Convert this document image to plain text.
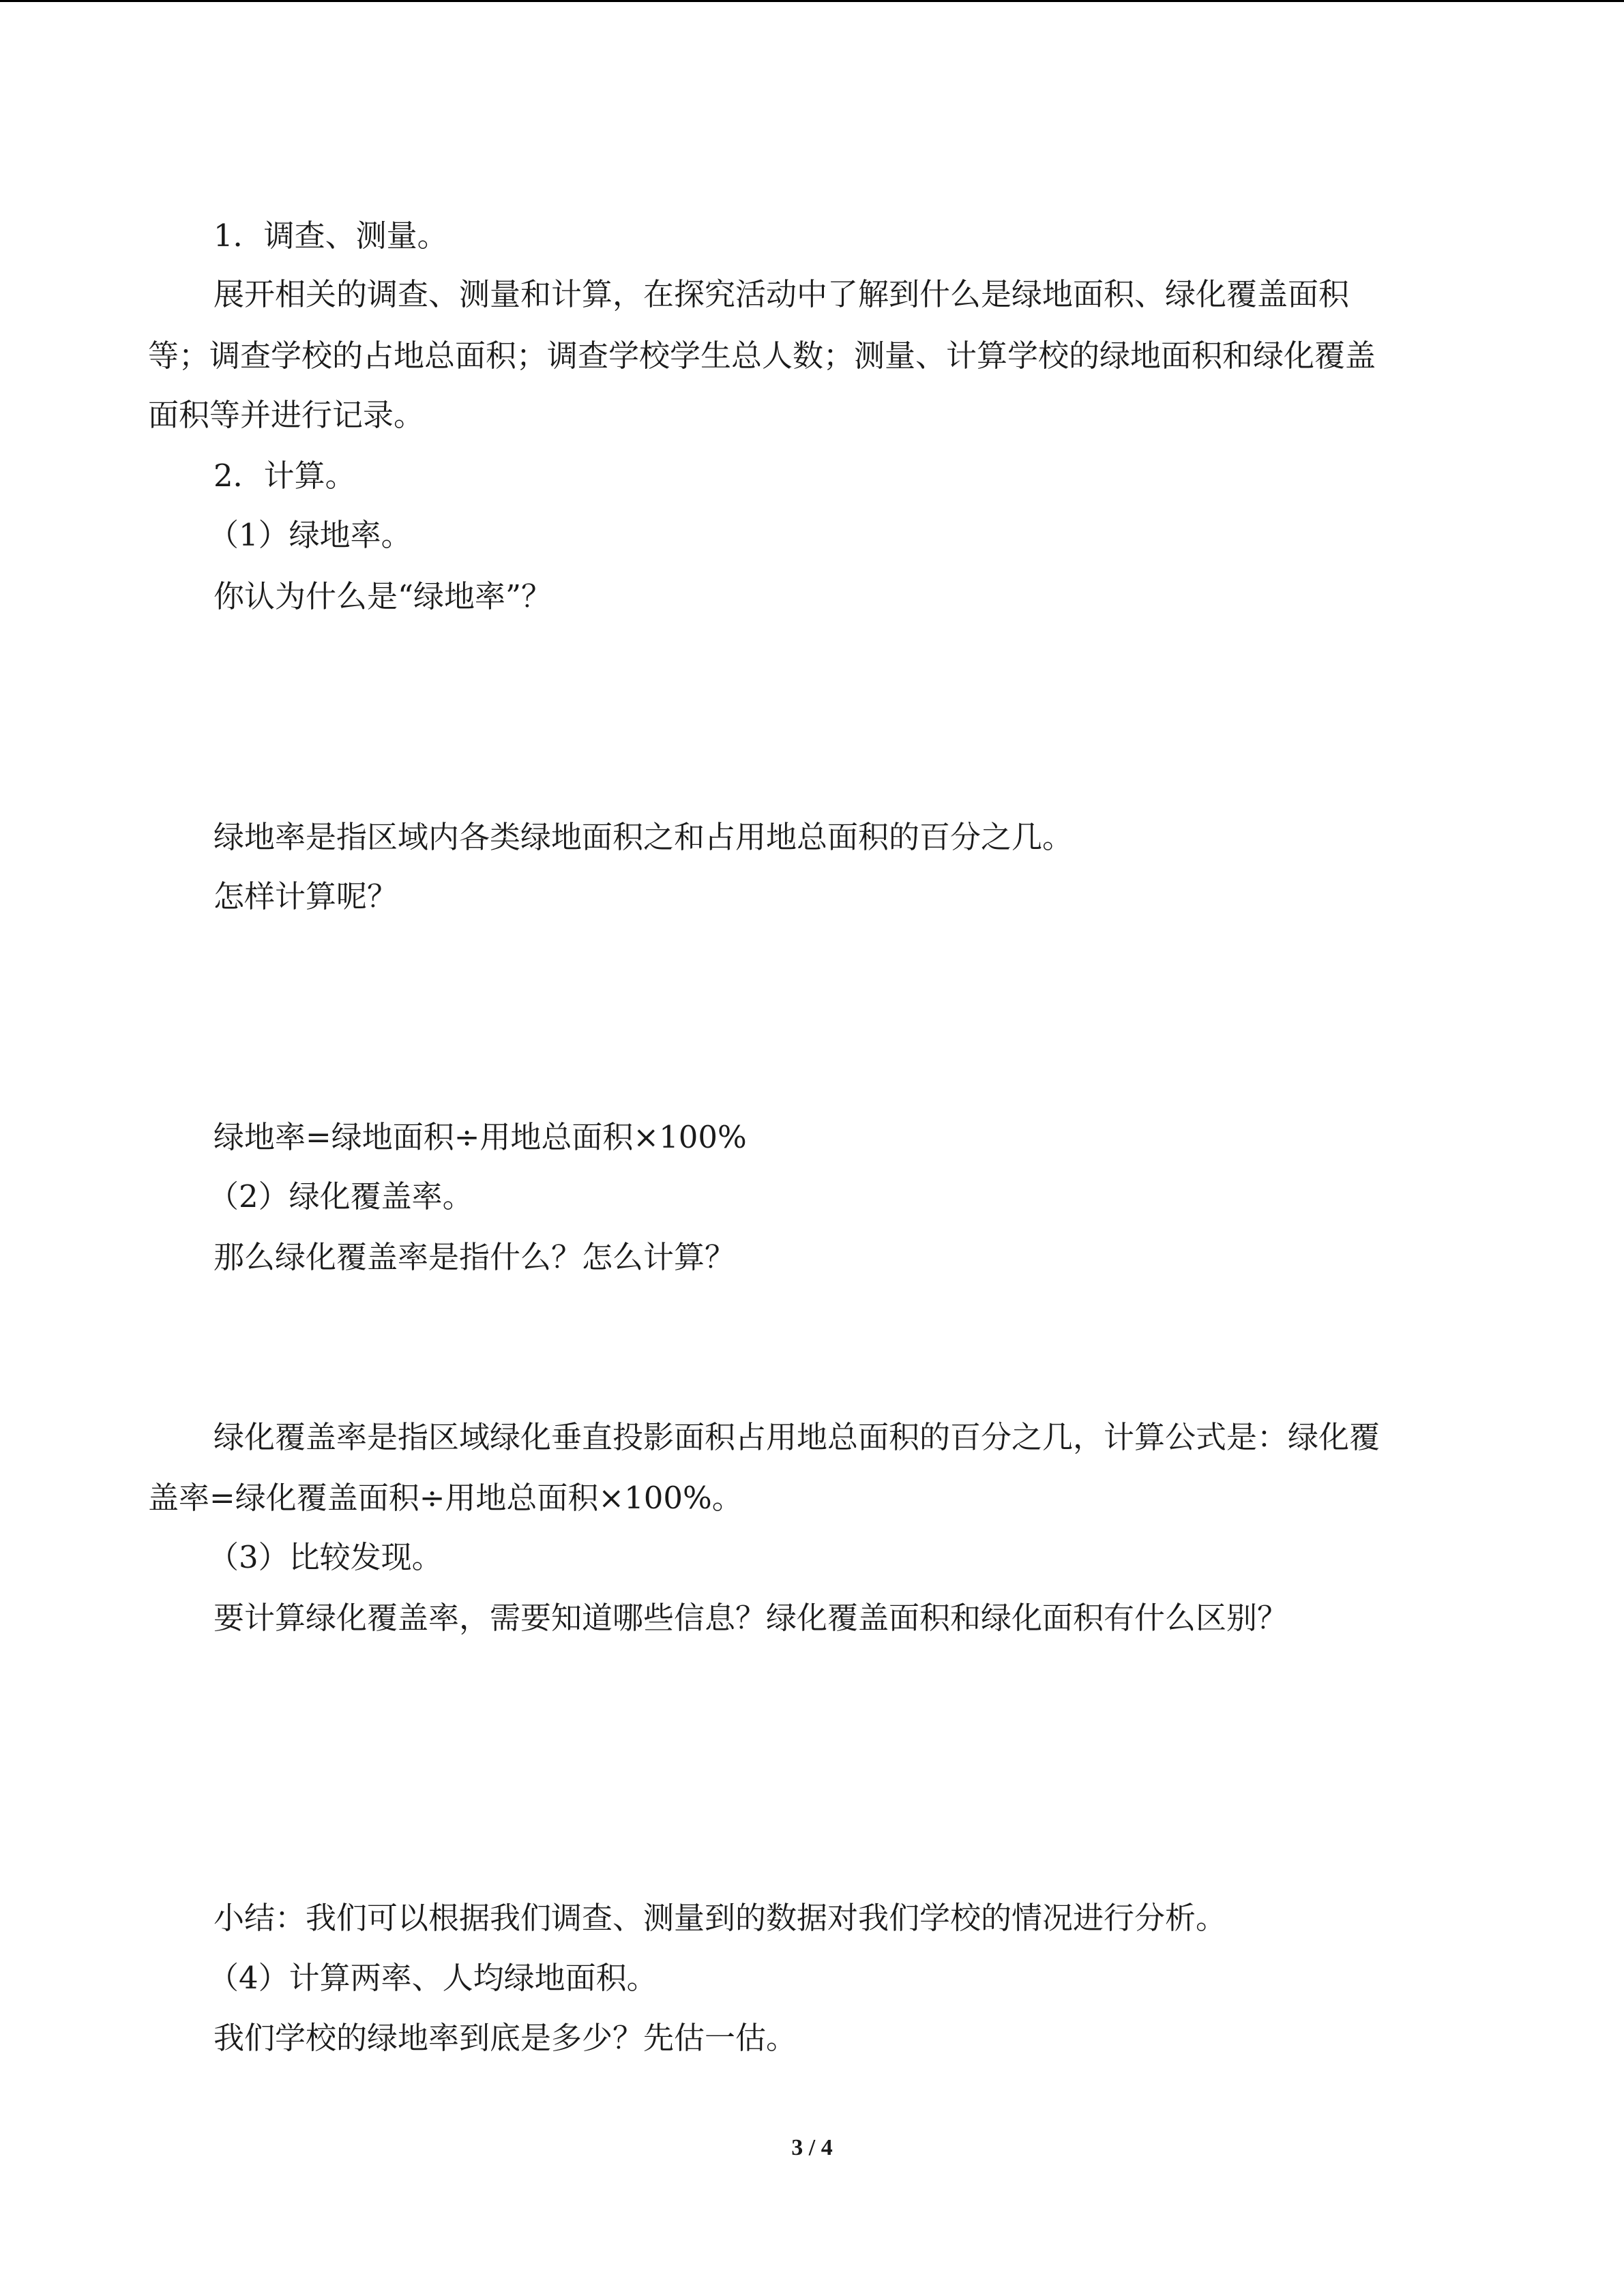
1．调查、测量。
展开相关的调查、测量和计算，在探究活动中了解到什么是绿地面积、绿化覆盖面积
等；调查学校的占地总面积；调查学校学生总人数；测量、计算学校的绿地面积和绿化覆盖
面积等并进行记录。
2．计算。
（1）绿地率。
你认为什么是“绿地率”？
绿地率是指区域内各类绿地面积之和占用地总面积的百分之几。
怎样计算呢？
绿地率=绿地面积÷用地总面积×100%
（2）绿化覆盖率。
那么绿化覆盖率是指什么？怎么计算？
绿化覆盖率是指区域绿化垂直投影面积占用地总面积的百分之几，计算公式是：绿化覆
盖率=绿化覆盖面积÷用地总面积×100%。
（3）比较发现。
要计算绿化覆盖率，需要知道哪些信息？绿化覆盖面积和绿化面积有什么区别？
小结：我们可以根据我们调查、测量到的数据对我们学校的情况进行分析。
（4）计算两率、人均绿地面积。
我们学校的绿地率到底是多少？先估一估。
3 / 4
